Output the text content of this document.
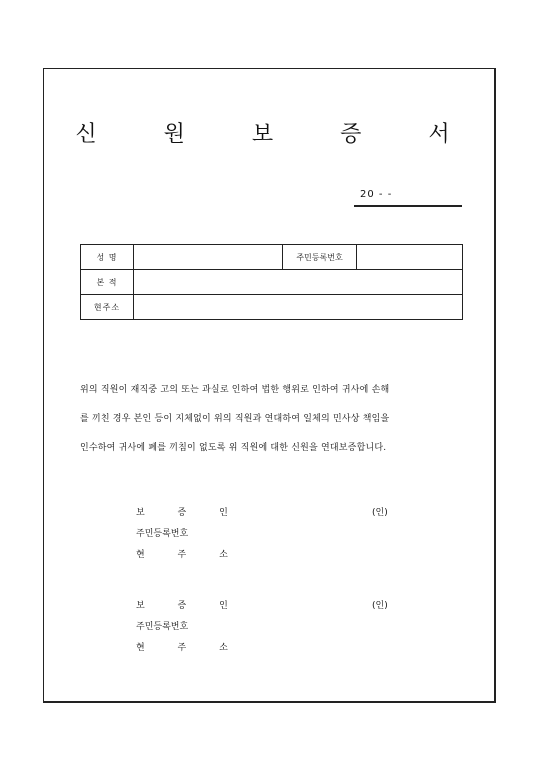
신 원 보 증 서
20 ‐ ‐
성 명		주민등록번호	
본 적			
현주소			
위의 직원이 재직중 고의 또는 과실로 인하여 법한 행위로 인하여 귀사에 손해
를 끼친 경우 본인 등이 지체없이 위의 직원과 연대하여 일체의 민사상 책임을
인수하여 귀사에 폐를 끼침이 없도록 위 직원에 대한 신원을 연대보증합니다.
보 증 인	(인)
주민등록번호
현 주 소
보 증 인	(인)
주민등록번호
현 주 소
